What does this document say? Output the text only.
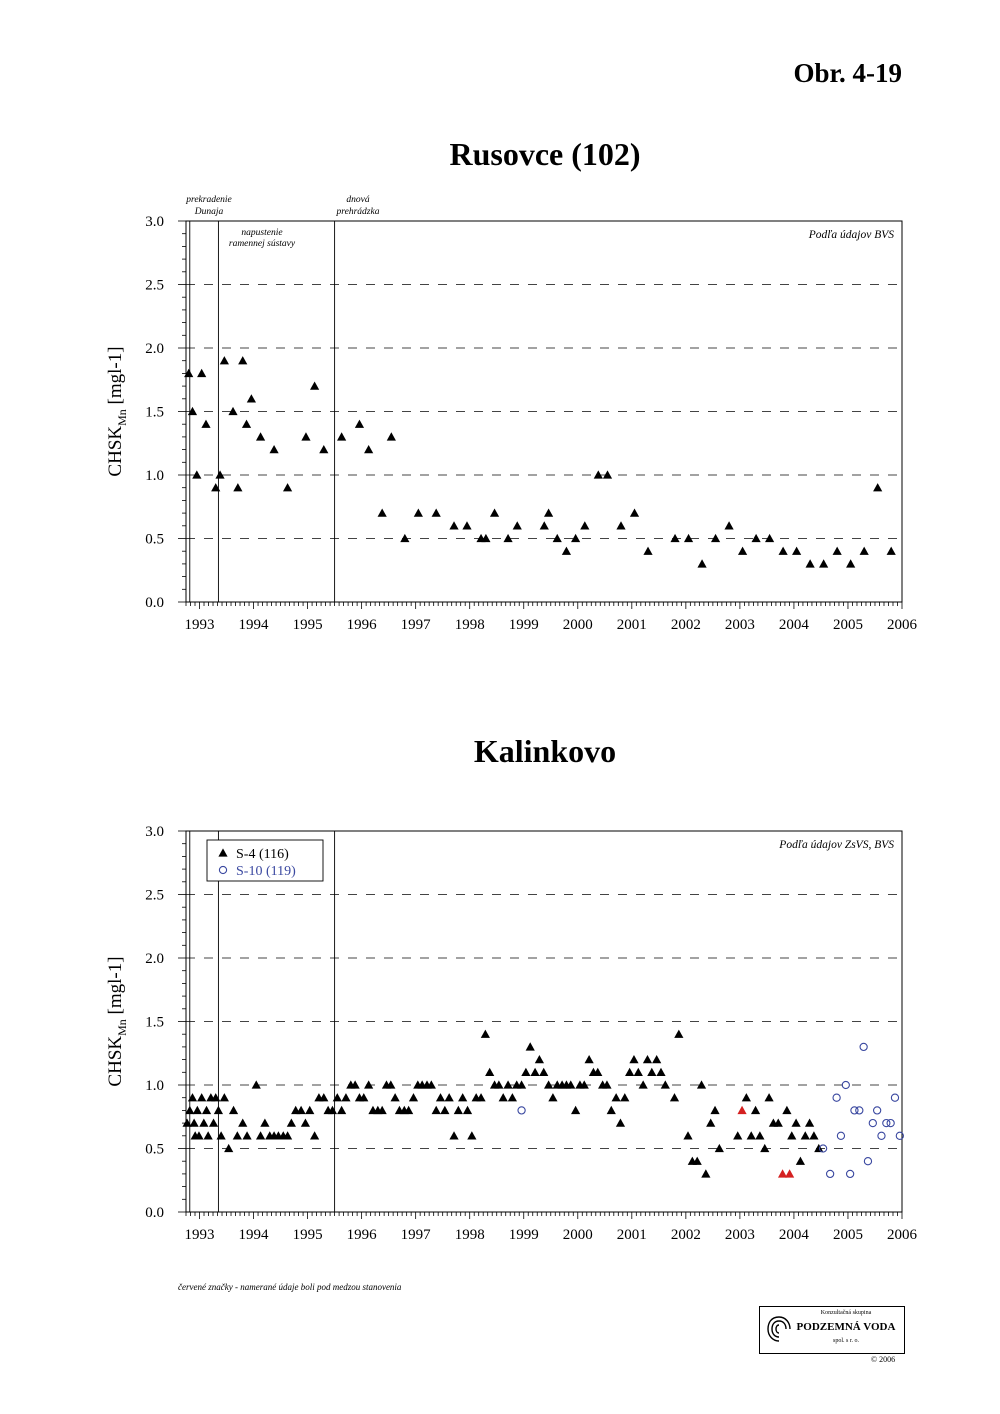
Obr. 4-19
Rusovce (102)
0.0
0.5
1.0
1.5
2.0
2.5
3.0
1993 1994 1995 1996 1997 1998 1999 2000 2001 2002 2003 2004 2005 2006
prekradenie
Dunaja
napustenie
ramennej sústavy
dnová
prehrádzka
Podľa údajov BVS
$CHSK_{Mn}$ [mgl-1]
Kalinkovo
0.0
0.5
1.0
1.5
2.0
2.5
3.0
1993 1994 1995 1996 1997 1998 1999 2000 2001 2002 2003 2004 2005 2006
Podľa údajov ZsVS, BVS
$CHSK_{Mn}$ [mgl-1]
S-4 (116)
S-10 (119)
červené značky - namerané údaje boli pod medzou stanovenia
Konzultačná skupina
PODZEMNÁ VODA
spol. s r. o.
© 2006
